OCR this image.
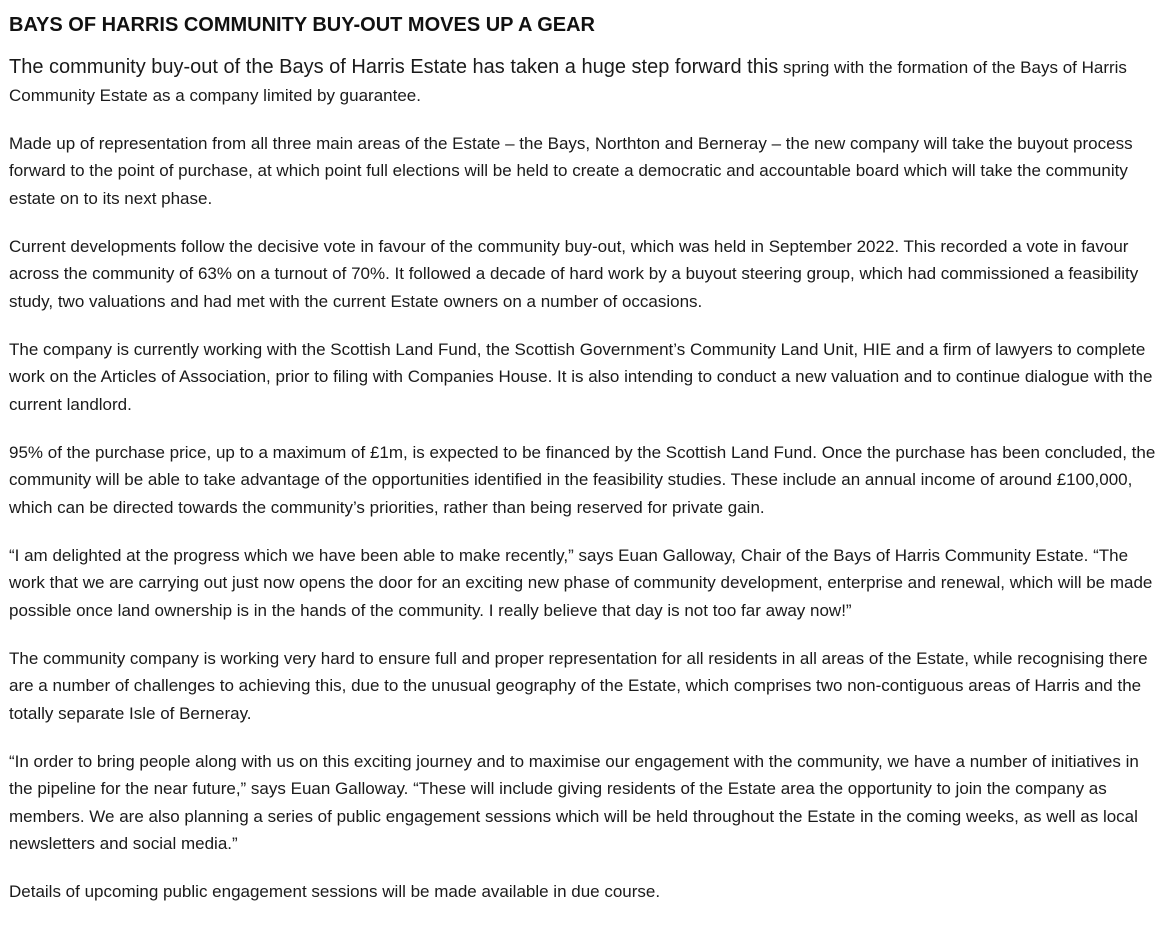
BAYS OF HARRIS COMMUNITY BUY-OUT MOVES UP A GEAR

The community buy-out of the Bays of Harris Estate has taken a huge step forward this spring with the formation of the Bays of Harris Community Estate as a company limited by guarantee.

Made up of representation from all three main areas of the Estate – the Bays, Northton and Berneray – the new company will take the buyout process forward to the point of purchase, at which point full elections will be held to create a democratic and accountable board which will take the community estate on to its next phase.

Current developments follow the decisive vote in favour of the community buy-out, which was held in September 2022. This recorded a vote in favour across the community of 63% on a turnout of 70%. It followed a decade of hard work by a buyout steering group, which had commissioned a feasibility study, two valuations and had met with the current Estate owners on a number of occasions.

The company is currently working with the Scottish Land Fund, the Scottish Government’s Community Land Unit, HIE and a firm of lawyers to complete work on the Articles of Association, prior to filing with Companies House. It is also intending to conduct a new valuation and to continue dialogue with the current landlord.

95% of the purchase price, up to a maximum of £1m, is expected to be financed by the Scottish Land Fund. Once the purchase has been concluded, the community will be able to take advantage of the opportunities identified in the feasibility studies. These include an annual income of around £100,000, which can be directed towards the community’s priorities, rather than being reserved for private gain.

“I am delighted at the progress which we have been able to make recently,” says Euan Galloway, Chair of the Bays of Harris Community Estate. “The work that we are carrying out just now opens the door for an exciting new phase of community development, enterprise and renewal, which will be made possible once land ownership is in the hands of the community. I really believe that day is not too far away now!”

The community company is working very hard to ensure full and proper representation for all residents in all areas of the Estate, while recognising there are a number of challenges to achieving this, due to the unusual geography of the Estate, which comprises two non-contiguous areas of Harris and the totally separate Isle of Berneray.

“In order to bring people along with us on this exciting journey and to maximise our engagement with the community, we have a number of initiatives in the pipeline for the near future,” says Euan Galloway. “These will include giving residents of the Estate area the opportunity to join the company as members. We are also planning a series of public engagement sessions which will be held throughout the Estate in the coming weeks, as well as local newsletters and social media.”

Details of upcoming public engagement sessions will be made available in due course.
